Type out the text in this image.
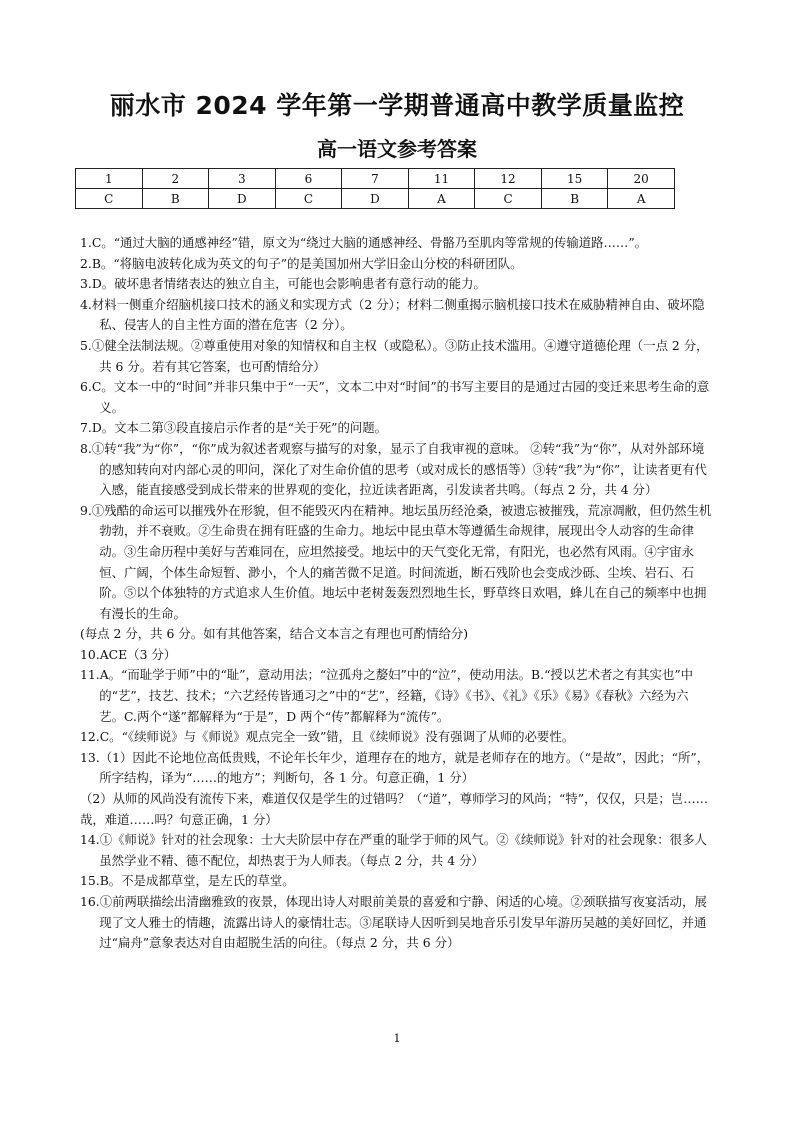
丽水市 2024 学年第一学期普通高中教学质量监控
高一语文参考答案
1	2	3	6	7	11	12	15	20
C	B	D	C	D	A	C	B	A

1.C。“通过大脑的通感神经”错，原文为“绕过大脑的通感神经、骨骼乃至肌肉等常规的传输道路……”。

2.B。“将脑电波转化成为英文的句子”的是美国加州大学旧金山分校的科研团队。

3.D。破坏患者情绪表达的独立自主，可能也会影响患者有意行动的能力。

4.材料一侧重介绍脑机接口技术的涵义和实现方式（2 分）；材料二侧重揭示脑机接口技术在威胁精神自由、破坏隐私、侵害人的自主性方面的潜在危害（2 分）。

5.①健全法制法规。②尊重使用对象的知情权和自主权（或隐私）。③防止技术滥用。④遵守道德伦理（一点 2 分，共 6 分。若有其它答案，也可酌情给分）

6.C。文本一中的“时间”并非只集中于“一天”，文本二中对“时间”的书写主要目的是通过古园的变迁来思考生命的意义。

7.D。文本二第③段直接启示作者的是“关于死”的问题。

8.①转“我”为“你”，“你”成为叙述者观察与描写的对象，显示了自我审视的意味。 ②转“我”为“你”，从对外部环境的感知转向对内部心灵的叩问，深化了对生命价值的思考（或对成长的感悟等）③转“我”为“你”，让读者更有代入感，能直接感受到成长带来的世界观的变化，拉近读者距离，引发读者共鸣。（每点 2 分，共 4 分）

9.①残酷的命运可以摧残外在形貌，但不能毁灭内在精神。地坛虽历经沧桑，被遗忘被摧残，荒凉凋敝，但仍然生机勃勃，并不衰败。②生命贵在拥有旺盛的生命力。地坛中昆虫草木等遵循生命规律，展现出令人动容的生命律动。③生命历程中美好与苦难同在，应坦然接受。地坛中的天气变化无常，有阳光，也必然有风雨。④宇宙永恒、广阔，个体生命短暂、渺小，个人的痛苦微不足道。时间流逝，断石残阶也会变成沙砾、尘埃、岩石、石阶。⑤以个体独特的方式追求人生价值。地坛中老树轰轰烈烈地生长，野草终日欢唱，蜂儿在自己的频率中也拥有漫长的生命。

(每点 2 分，共 6 分。如有其他答案，结合文本言之有理也可酌情给分)

10.ACE（3 分）

11.A。“而耻学于师”中的“耻”，意动用法；“泣孤舟之嫠妇”中的“泣”，使动用法。B.“授以艺术者之有其实也”中的“艺”，技艺、技术；“六艺经传皆通习之”中的“艺”，经籍，《诗》《书》、《礼》《乐》《易》《春秋》六经为六艺。C.两个“遂”都解释为“于是”，D 两个“传”都解释为“流传”。

12.C。“《续师说》与《师说》观点完全一致”错，且《续师说》没有强调了从师的必要性。

13.（1）因此不论地位高低贵贱，不论年长年少，道理存在的地方，就是老师存在的地方。（“是故”，因此；“所”，所字结构，译为“……的地方”；判断句，各 1 分。句意正确，1 分）

（2）从师的风尚没有流传下来，难道仅仅是学生的过错吗？（“道”，尊师学习的风尚；“特”，仅仅，只是；岂……哉，难道……吗？句意正确，1 分）

14.①《师说》针对的社会现象：士大夫阶层中存在严重的耻学于师的风气。②《续师说》针对的社会现象：很多人虽然学业不精、德不配位，却热衷于为人师表。（每点 2 分，共 4 分）

15.B。不是成都草堂，是左氏的草堂。

16.①前两联描绘出清幽雅致的夜景，体现出诗人对眼前美景的喜爱和宁静、闲适的心境。②颈联描写夜宴活动，展现了文人雅士的情趣，流露出诗人的豪情壮志。③尾联诗人因听到吴地音乐引发早年游历吴越的美好回忆，并通过“扁舟”意象表达对自由超脱生活的向往。（每点 2 分，共 6 分）

1
